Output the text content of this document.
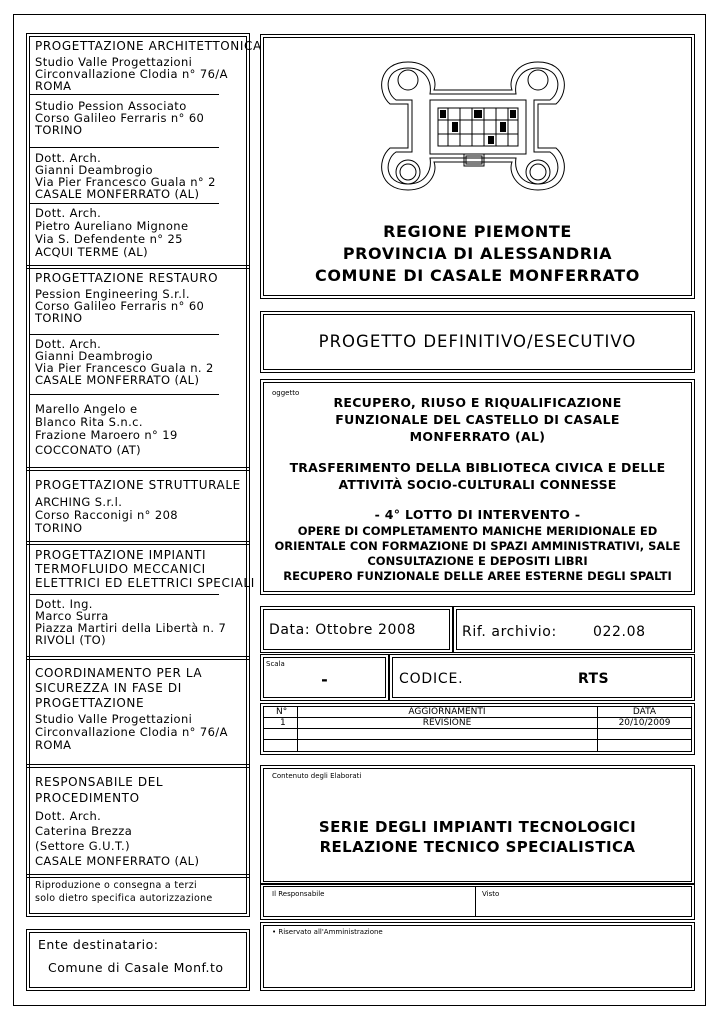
PROGETTAZIONE ARCHITETTONICA
Studio Valle Progettazioni
Circonvallazione Clodia n° 76/A
ROMA
Studio Pession Associato
Corso Galileo Ferraris n° 60
TORINO
Dott. Arch.
Gianni Deambrogio
Via Pier Francesco Guala n° 2
CASALE MONFERRATO (AL)
Dott. Arch.
Pietro Aureliano Mignone
Via S. Defendente n° 25
ACQUI TERME (AL)
PROGETTAZIONE RESTAURO
Pession Engineering S.r.l.
Corso Galileo Ferraris n° 60
TORINO
Dott. Arch.
Gianni Deambrogio
Via Pier Francesco Guala n. 2
CASALE MONFERRATO (AL)
Marello Angelo e
Blanco Rita S.n.c.
Frazione Maroero n° 19
COCCONATO (AT)
PROGETTAZIONE STRUTTURALE
ARCHING S.r.l.
Corso Racconigi n° 208
TORINO
PROGETTAZIONE IMPIANTI
TERMOFLUIDO MECCANICI
ELETTRICI ED ELETTRICI SPECIALI
Dott. Ing.
Marco Surra
Piazza Martiri della Libertà n. 7
RIVOLI (TO)
COORDINAMENTO PER LA
SICUREZZA IN FASE DI
PROGETTAZIONE
Studio Valle Progettazioni
Circonvallazione Clodia n° 76/A
ROMA
RESPONSABILE DEL
PROCEDIMENTO
Dott. Arch.
Caterina Brezza
(Settore G.U.T.)
CASALE MONFERRATO (AL)
Riproduzione o consegna a terzi
solo dietro specifica autorizzazione
Ente destinatario:
Comune di Casale Monf.to
REGIONE PIEMONTE
PROVINCIA DI ALESSANDRIA
COMUNE DI CASALE MONFERRATO
PROGETTO DEFINITIVO/ESECUTIVO
oggetto
RECUPERO, RIUSO E RIQUALIFICAZIONE
FUNZIONALE DEL CASTELLO DI CASALE
MONFERRATO (AL)
TRASFERIMENTO DELLA BIBLIOTECA CIVICA E DELLE
ATTIVITÀ SOCIO-CULTURALI CONNESSE
- 4° LOTTO DI INTERVENTO -
OPERE DI COMPLETAMENTO MANICHE MERIDIONALE ED
ORIENTALE CON FORMAZIONE DI SPAZI AMMINISTRATIVI, SALE
CONSULTAZIONE E DEPOSITI LIBRI
RECUPERO FUNZIONALE DELLE AREE ESTERNE DEGLI SPALTI
Data: Ottobre 2008	Rif. archivio:	022.08
Scala
-	CODICE.	RTS
N°	AGGIORNAMENTI	DATA
1	REVISIONE	20/10/2009
Contenuto degli Elaborati
SERIE DEGLI IMPIANTI TECNOLOGICI
RELAZIONE TECNICO SPECIALISTICA
Il Responsabile	Visto
• Riservato all'Amministrazione
